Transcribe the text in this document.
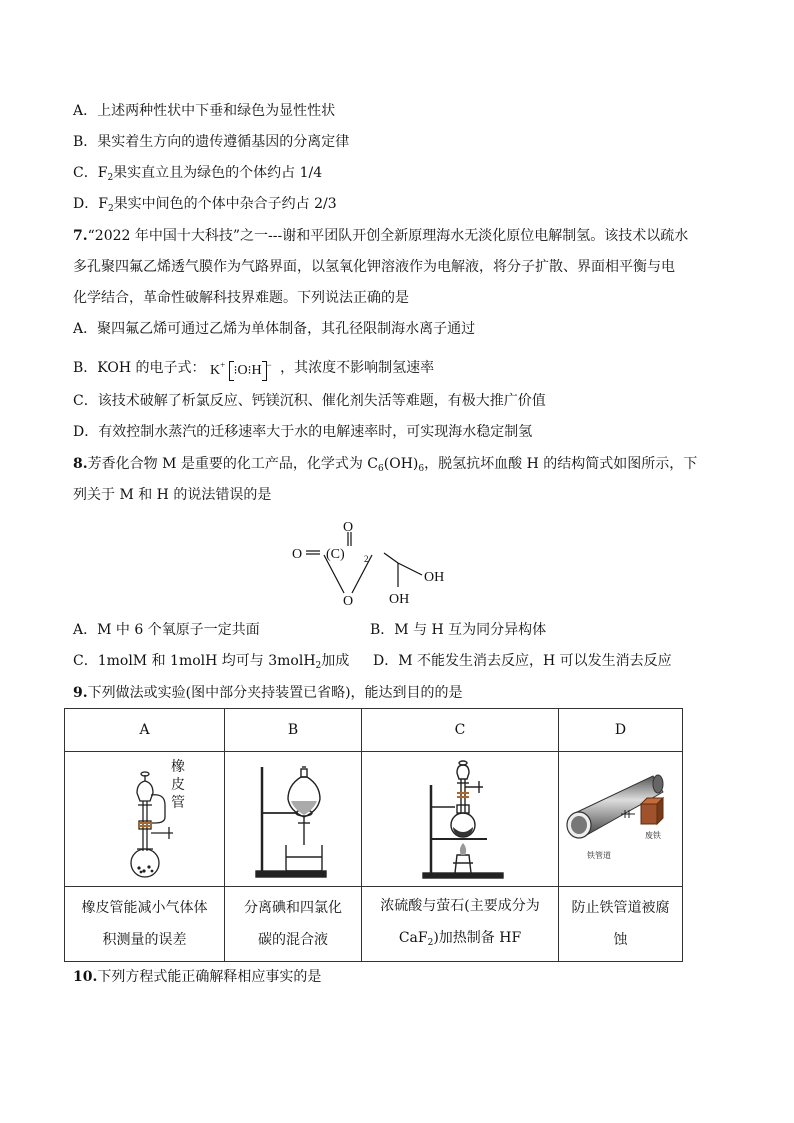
A．上述两种性状中下垂和绿色为显性性状
B．果实着生方向的遗传遵循基因的分离定律
C．$F_2$果实直立且为绿色的个体约占 1/4
D．$F_2$果实中间色的个体中杂合子约占 2/3
7.“2022 年中国十大科技”之一---谢和平团队开创全新原理海水无淡化原位电解制氢。该技术以疏水
多孔聚四氟乙烯透气膜作为气路界面，以氢氧化钾溶液作为电解液，将分子扩散、界面相平衡与电
化学结合，革命性破解科技界难题。下列说法正确的是
A．聚四氟乙烯可通过乙烯为单体制备，其孔径限制海水离子通过
B．KOH 的电子式： K+ ⁝O⁝H − ，其浓度不影响制氢速率
C．该技术破解了析氯反应、钙镁沉积、催化剂失活等难题，有极大推广价值
D．有效控制水蒸汽的迁移速率大于水的电解速率时，可实现海水稳定制氢
8.芳香化合物 M 是重要的化工产品，化学式为 $C_6(OH)_6$，脱氢抗坏血酸 H 的结构简式如图所示，下
列关于 M 和 H 的说法错误的是
O
O (C) 2
O
OH
OH
A．M 中 6 个氧原子一定共面	B．M 与 H 互为同分异构体
C．1molM 和 1molH 均可与 3molH$_2$加成 D．M 不能发生消去反应，H 可以发生消去反应
9.下列做法或实验(图中部分夹持装置已省略)，能达到目的的是
A	B	C	D

橡
皮
管			铁管道
废铁

橡皮管能减小气体体积测量的误差	分离碘和四氯化碳的混合液	浓硫酸与萤石(主要成分为 CaF$_2$)加热制备 HF	防止铁管道被腐蚀
10.下列方程式能正确解释相应事实的是
